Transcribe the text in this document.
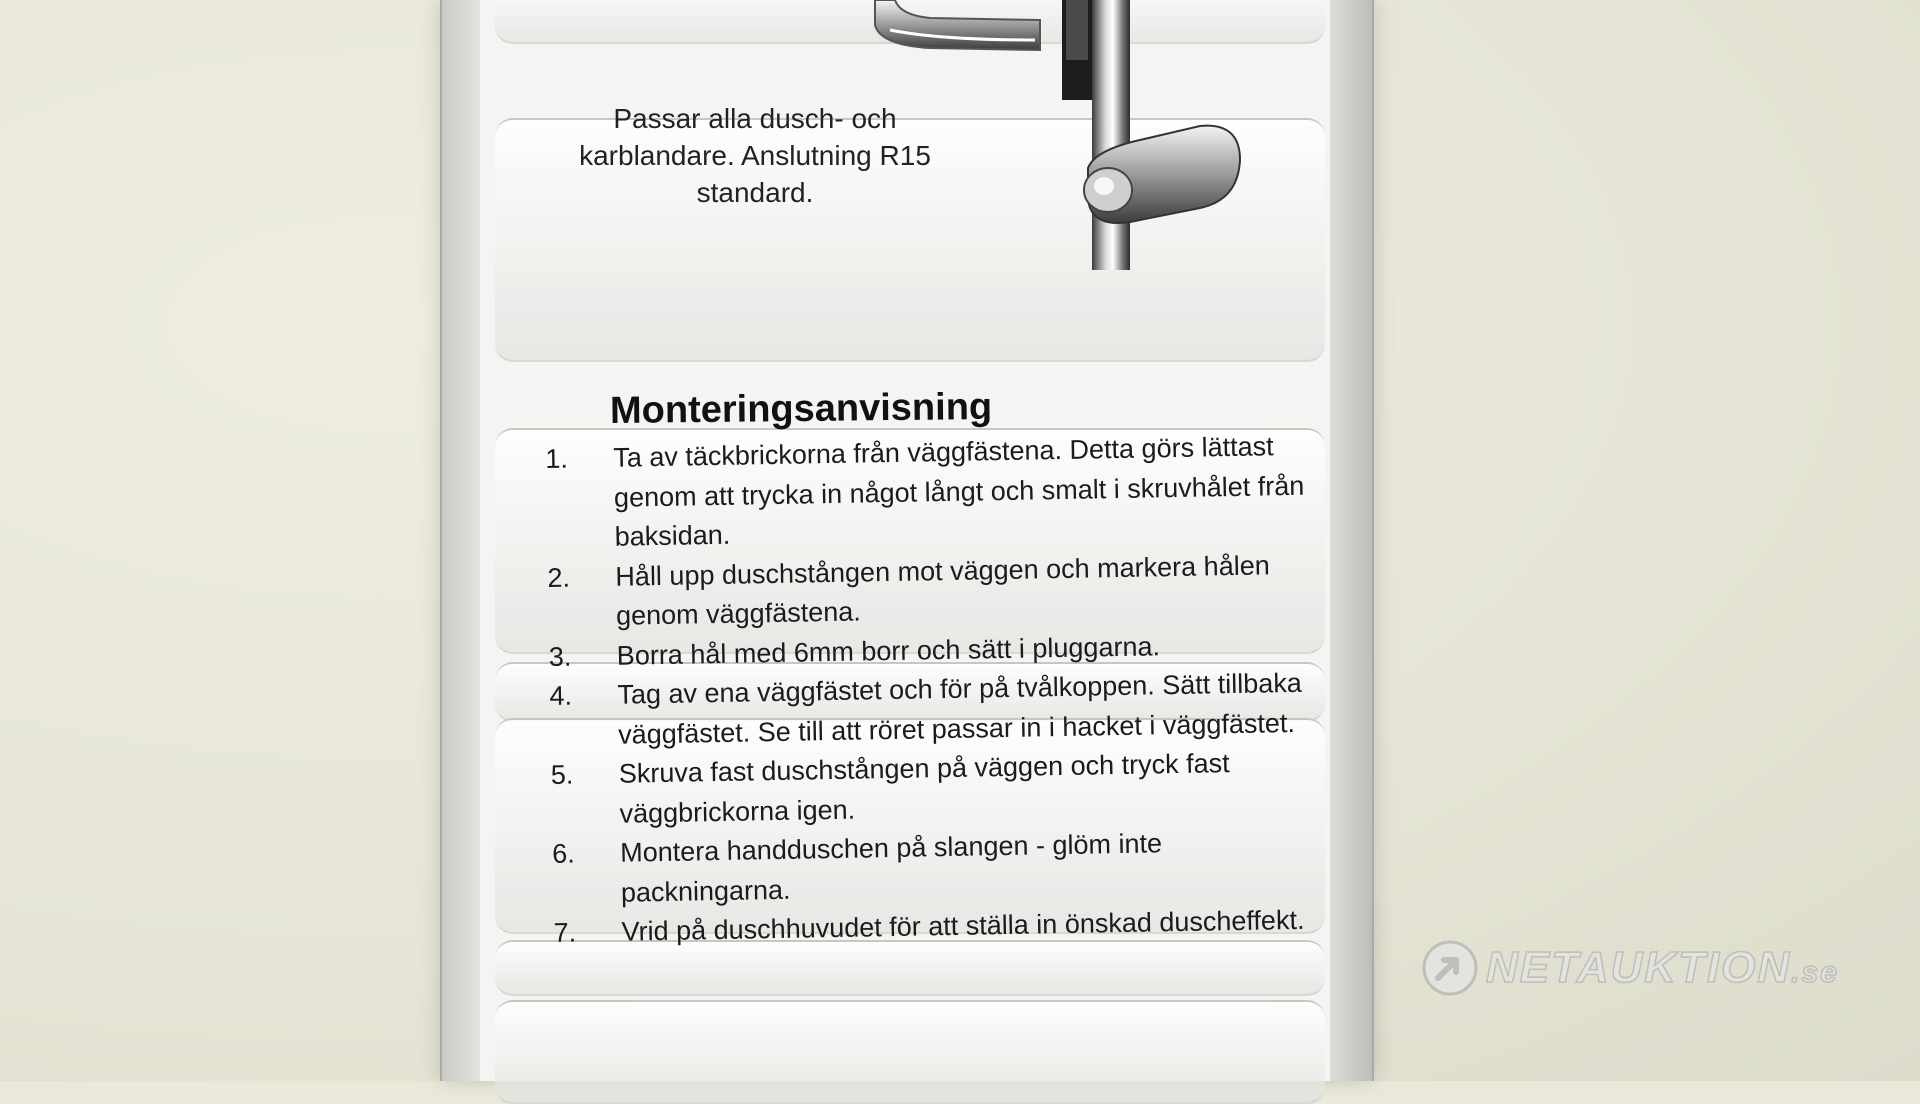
Passar alla dusch- och karblandare. Anslutning R15 standard.
Monteringsanvisning
1.	Ta av täckbrickorna från väggfästena. Detta görs lättast genom att trycka in något långt och smalt i skruvhålet från baksidan.
2.	Håll upp duschstången mot väggen och markera hålen genom väggfästena.
3.	Borra hål med 6mm borr och sätt i pluggarna.
4.	Tag av ena väggfästet och för på tvålkoppen. Sätt tillbaka väggfästet. Se till att röret passar in i hacket i väggfästet.
5.	Skruva fast duschstången på väggen och tryck fast väggbrickorna igen.
6.	Montera handduschen på slangen - glöm inte packningarna.
7.	Vrid på duschhuvudet för att ställa in önskad duscheffekt.
NETAUKTION.se
